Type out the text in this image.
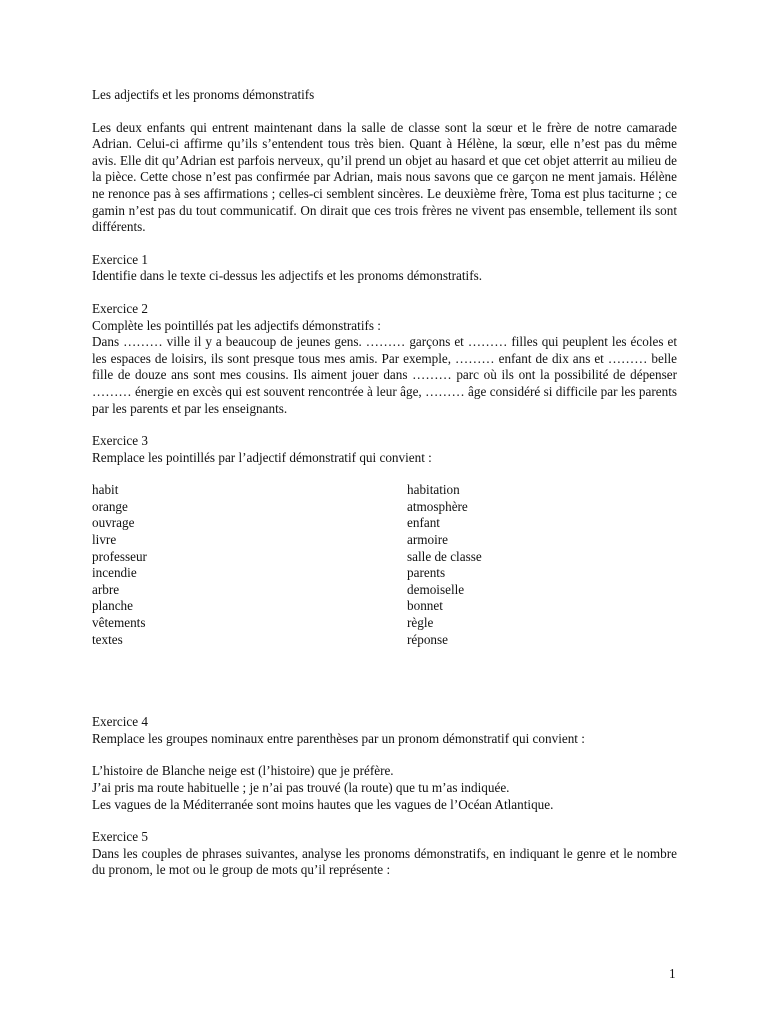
Les adjectifs et les pronoms démonstratifs

Les deux enfants qui entrent maintenant dans la salle de classe sont la sœur et le frère de notre camarade Adrian. Celui-ci affirme qu’ils s’entendent tous très bien. Quant à Hélène, la sœur, elle n’est pas du même avis. Elle dit qu’Adrian est parfois nerveux, qu’il prend un objet au hasard et que cet objet atterrit au milieu de la pièce. Cette chose n’est pas confirmée par Adrian, mais nous savons que ce garçon ne ment jamais. Hélène ne renonce pas à ses affirmations ; celles-ci semblent sincères. Le deuxième frère, Toma est plus taciturne ; ce gamin n’est pas du tout communicatif. On dirait que ces trois frères ne vivent pas ensemble, tellement ils sont différents.

Exercice 1

Identifie dans le texte ci-dessus les adjectifs et les pronoms démonstratifs.

Exercice 2

Complète les pointillés pat les adjectifs démonstratifs :

Dans ……… ville il y a beaucoup de jeunes gens. ……… garçons et ……… filles qui peuplent les écoles et les espaces de loisirs, ils sont presque tous mes amis. Par exemple, ……… enfant de dix ans et ……… belle fille de douze ans sont mes cousins. Ils aiment jouer dans ……… parc où ils ont la possibilité de dépenser ……… énergie en excès qui est souvent rencontrée à leur âge, ……… âge considéré si difficile par les parents par les parents et par les enseignants.

Exercice 3

Remplace les pointillés par l’adjectif démonstratif qui convient :

habit
orange
ouvrage
livre
professeur
incendie
arbre
planche
vêtements
textes
habitation
atmosphère
enfant
armoire
salle de classe
parents
demoiselle
bonnet
règle
réponse

Exercice 4

Remplace les groupes nominaux entre parenthèses par un pronom démonstratif qui convient :

L’histoire de Blanche neige est (l’histoire) que je préfère.

J’ai pris ma route habituelle ; je n’ai pas trouvé (la route) que tu m’as indiquée.

Les vagues de la Méditerranée sont moins hautes que les vagues de l’Océan Atlantique.

Exercice 5

Dans les couples de phrases suivantes, analyse les pronoms démonstratifs, en indiquant le genre et le nombre du pronom, le mot ou le group de mots qu’il représente :

1
